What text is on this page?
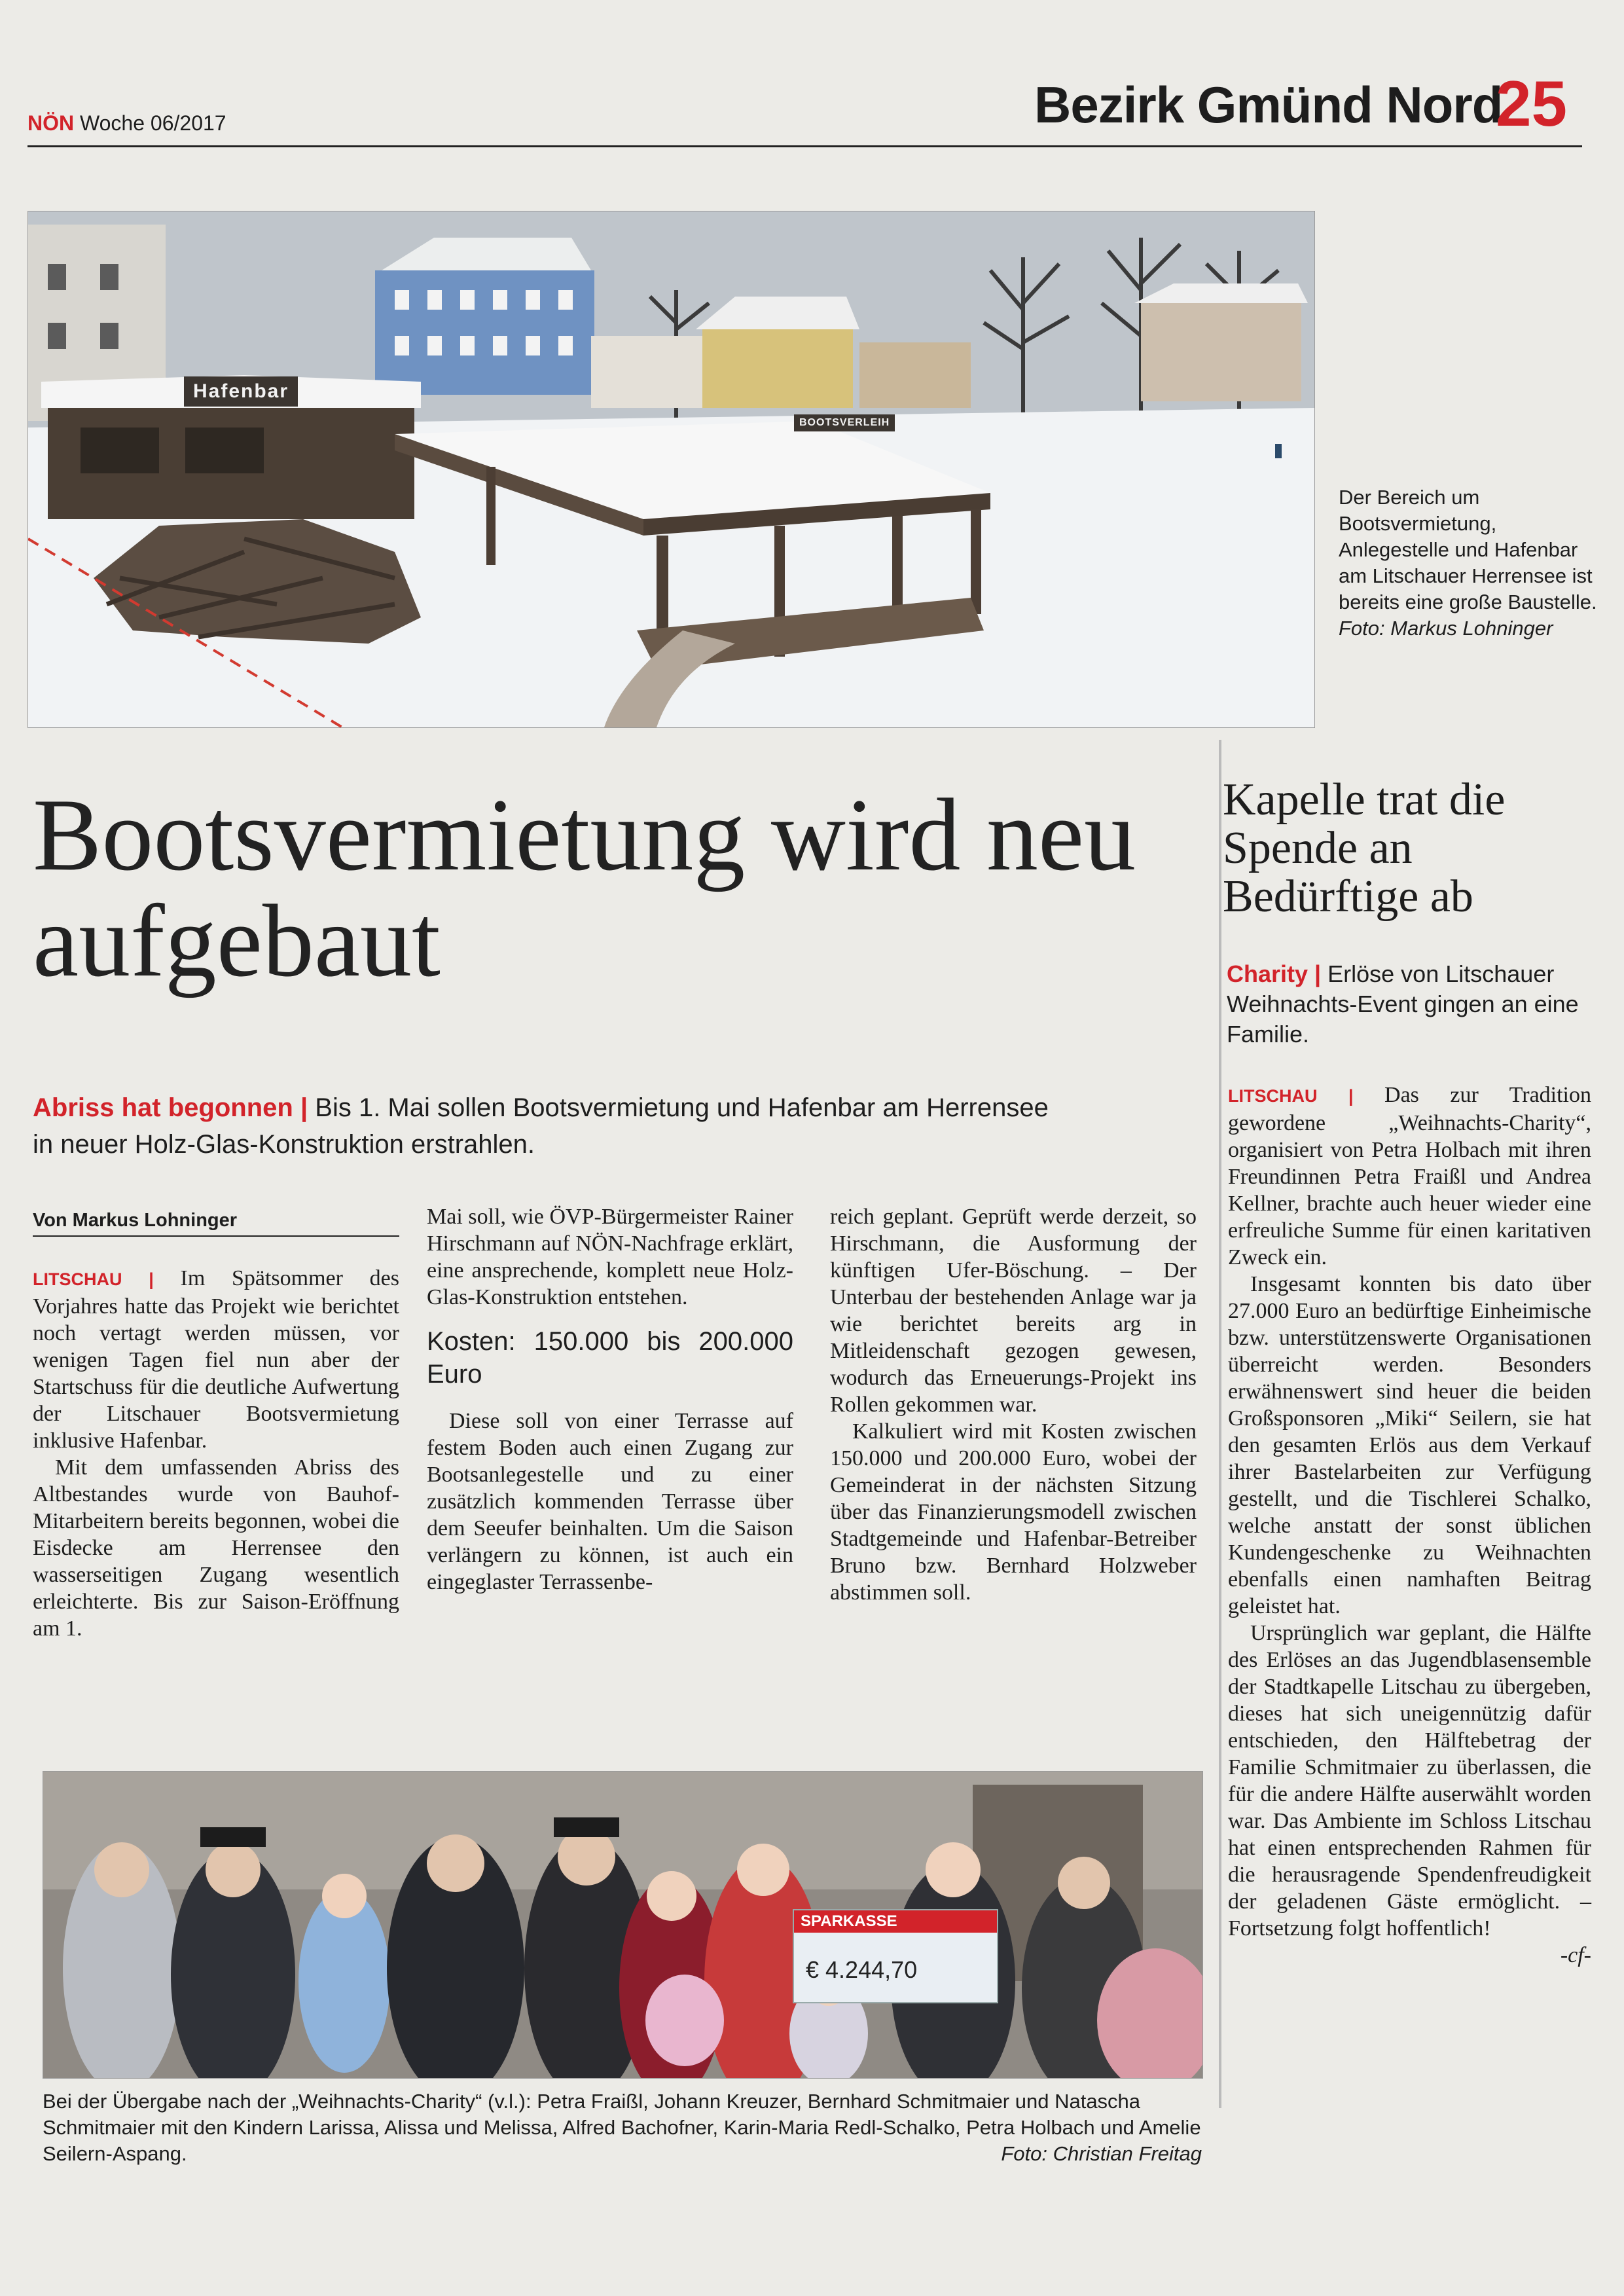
NÖN Woche 06/2017	Bezirk Gmünd Nord
25
Hafenbar
BOOTSVERLEIH
Der Bereich um Bootsvermietung, Anlegestelle und Hafenbar am Litschauer Herrensee ist bereits eine große Baustelle.
Foto: Markus Lohninger
Bootsvermietung wird neu aufgebaut
Abriss hat begonnen | Bis 1. Mai sollen Bootsvermietung und Hafenbar am Herrensee in neuer Holz-Glas-Konstruktion erstrahlen.
Von Markus Lohninger

LITSCHAU | Im Spätsommer des Vorjahres hatte das Projekt wie berichtet noch vertagt werden müssen, vor wenigen Tagen fiel nun aber der Startschuss für die deutliche Aufwertung der Litschauer Bootsvermietung inklusive Hafenbar.

Mit dem umfassenden Abriss des Altbestandes wurde von Bauhof-Mitarbeitern bereits begonnen, wobei die Eisdecke am Herrensee den wasserseitigen Zugang wesentlich erleichterte. Bis zur Saison-Eröffnung am 1.

Mai soll, wie ÖVP-Bürgermeister Rainer Hirschmann auf NÖN-Nachfrage erklärt, eine ansprechende, komplett neue Holz-Glas-Konstruktion entstehen.

Kosten: 150.000 bis 200.000 Euro

Diese soll von einer Terrasse auf festem Boden auch einen Zugang zur Bootsanlegestelle und zu einer zusätzlich kommenden Terrasse über dem Seeufer beinhalten. Um die Saison verlängern zu können, ist auch ein eingeglaster Terrassenbe-

reich geplant. Geprüft werde derzeit, so Hirschmann, die Ausformung der künftigen Ufer-Böschung. – Der Unterbau der bestehenden Anlage war ja wie berichtet bereits arg in Mitleidenschaft gezogen gewesen, wodurch das Erneuerungs-Projekt ins Rollen gekommen war.

Kalkuliert wird mit Kosten zwischen 150.000 und 200.000 Euro, wobei der Gemeinderat in der nächsten Sitzung über das Finanzierungsmodell zwischen Stadtgemeinde und Hafenbar-Betreiber Bruno bzw. Bernhard Holzweber abstimmen soll.

Kapelle trat die Spende an Bedürftige ab
Charity | Erlöse von Litschauer Weihnachts-Event gingen an eine Familie.

LITSCHAU | Das zur Tradition gewordene „Weihnachts-Charity“, organisiert von Petra Holbach mit ihren Freundinnen Petra Fraißl und Andrea Kellner, brachte auch heuer wieder eine erfreuliche Summe für einen karitativen Zweck ein.

Insgesamt konnten bis dato über 27.000 Euro an bedürftige Einheimische bzw. unterstützenswerte Organisationen überreicht werden. Besonders erwähnenswert sind heuer die beiden Großsponsoren „Miki“ Seilern, sie hat den gesamten Erlös aus dem Verkauf ihrer Bastelarbeiten zur Verfügung gestellt, und die Tischlerei Schalko, welche anstatt der sonst üblichen Kundengeschenke zu Weihnachten ebenfalls einen namhaften Beitrag geleistet hat.

Ursprünglich war geplant, die Hälfte des Erlöses an das Jugendblasensemble der Stadtkapelle Litschau zu übergeben, dieses hat sich uneigennützig dafür entschieden, den Hälftebetrag der Familie Schmitmaier zu überlassen, die für die andere Hälfte auserwählt worden war. Das Ambiente im Schloss Litschau hat einen entsprechenden Rahmen für die herausragende Spendenfreudigkeit der geladenen Gäste ermöglicht. – Fortsetzung folgt hoffentlich!

-cf-
SPARKASSE
€ 4.244,70
Bei der Übergabe nach der „Weihnachts-Charity“ (v.l.): Petra Fraißl, Johann Kreuzer, Bernhard Schmitmaier und Natascha Schmitmaier mit den Kindern Larissa, Alissa und Melissa, Alfred Bachofner, Karin-Maria Redl-Schalko, Petra Holbach und Amelie Seilern-Aspang.	Foto: Christian Freitag
